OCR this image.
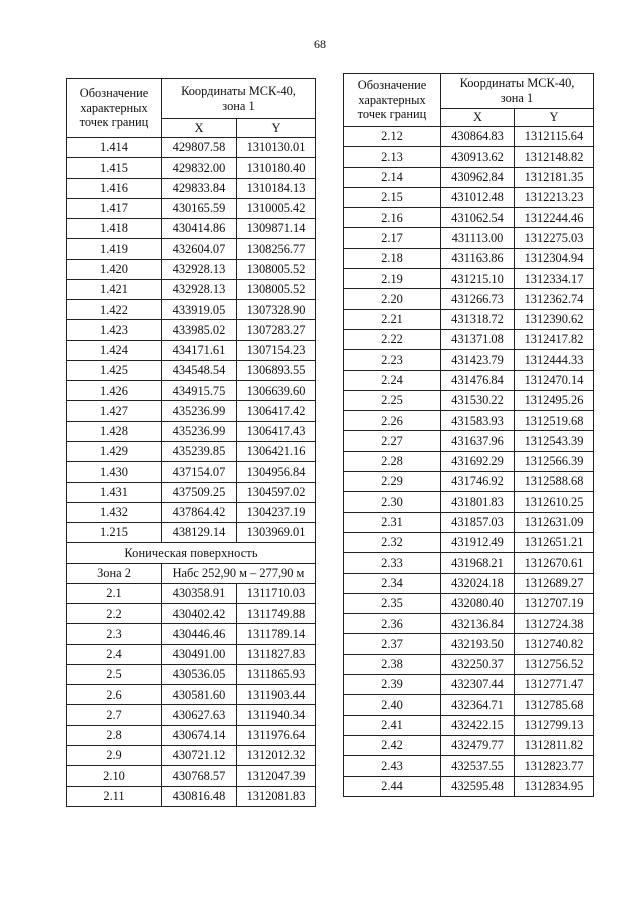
68
Обозначение
характерных
точек границ	Координаты МСК-40,
зона 1	
	X	Y
1.414	429807.58	1310130.01
1.415	429832.00	1310180.40
1.416	429833.84	1310184.13
1.417	430165.59	1310005.42
1.418	430414.86	1309871.14
1.419	432604.07	1308256.77
1.420	432928.13	1308005.52
1.421	432928.13	1308005.52
1.422	433919.05	1307328.90
1.423	433985.02	1307283.27
1.424	434171.61	1307154.23
1.425	434548.54	1306893.55
1.426	434915.75	1306639.60
1.427	435236.99	1306417.42
1.428	435236.99	1306417.43
1.429	435239.85	1306421.16
1.430	437154.07	1304956.84
1.431	437509.25	1304597.02
1.432	437864.42	1304237.19
1.215	438129.14	1303969.01
Коническая поверхность		
Зона 2	Набс 252,90 м – 277,90 м	
2.1	430358.91	1311710.03
2.2	430402.42	1311749.88
2.3	430446.46	1311789.14
2.4	430491.00	1311827.83
2.5	430536.05	1311865.93
2.6	430581.60	1311903.44
2.7	430627.63	1311940.34
2.8	430674.14	1311976.64
2.9	430721.12	1312012.32
2.10	430768.57	1312047.39
2.11	430816.48	1312081.83
Обозначение
характерных
точек границ	Координаты МСК-40,
зона 1	
	X	Y
2.12	430864.83	1312115.64
2.13	430913.62	1312148.82
2.14	430962.84	1312181.35
2.15	431012.48	1312213.23
2.16	431062.54	1312244.46
2.17	431113.00	1312275.03
2.18	431163.86	1312304.94
2.19	431215.10	1312334.17
2.20	431266.73	1312362.74
2.21	431318.72	1312390.62
2.22	431371.08	1312417.82
2.23	431423.79	1312444.33
2.24	431476.84	1312470.14
2.25	431530.22	1312495.26
2.26	431583.93	1312519.68
2.27	431637.96	1312543.39
2.28	431692.29	1312566.39
2.29	431746.92	1312588.68
2.30	431801.83	1312610.25
2.31	431857.03	1312631.09
2.32	431912.49	1312651.21
2.33	431968.21	1312670.61
2.34	432024.18	1312689.27
2.35	432080.40	1312707.19
2.36	432136.84	1312724.38
2.37	432193.50	1312740.82
2.38	432250.37	1312756.52
2.39	432307.44	1312771.47
2.40	432364.71	1312785.68
2.41	432422.15	1312799.13
2.42	432479.77	1312811.82
2.43	432537.55	1312823.77
2.44	432595.48	1312834.95
